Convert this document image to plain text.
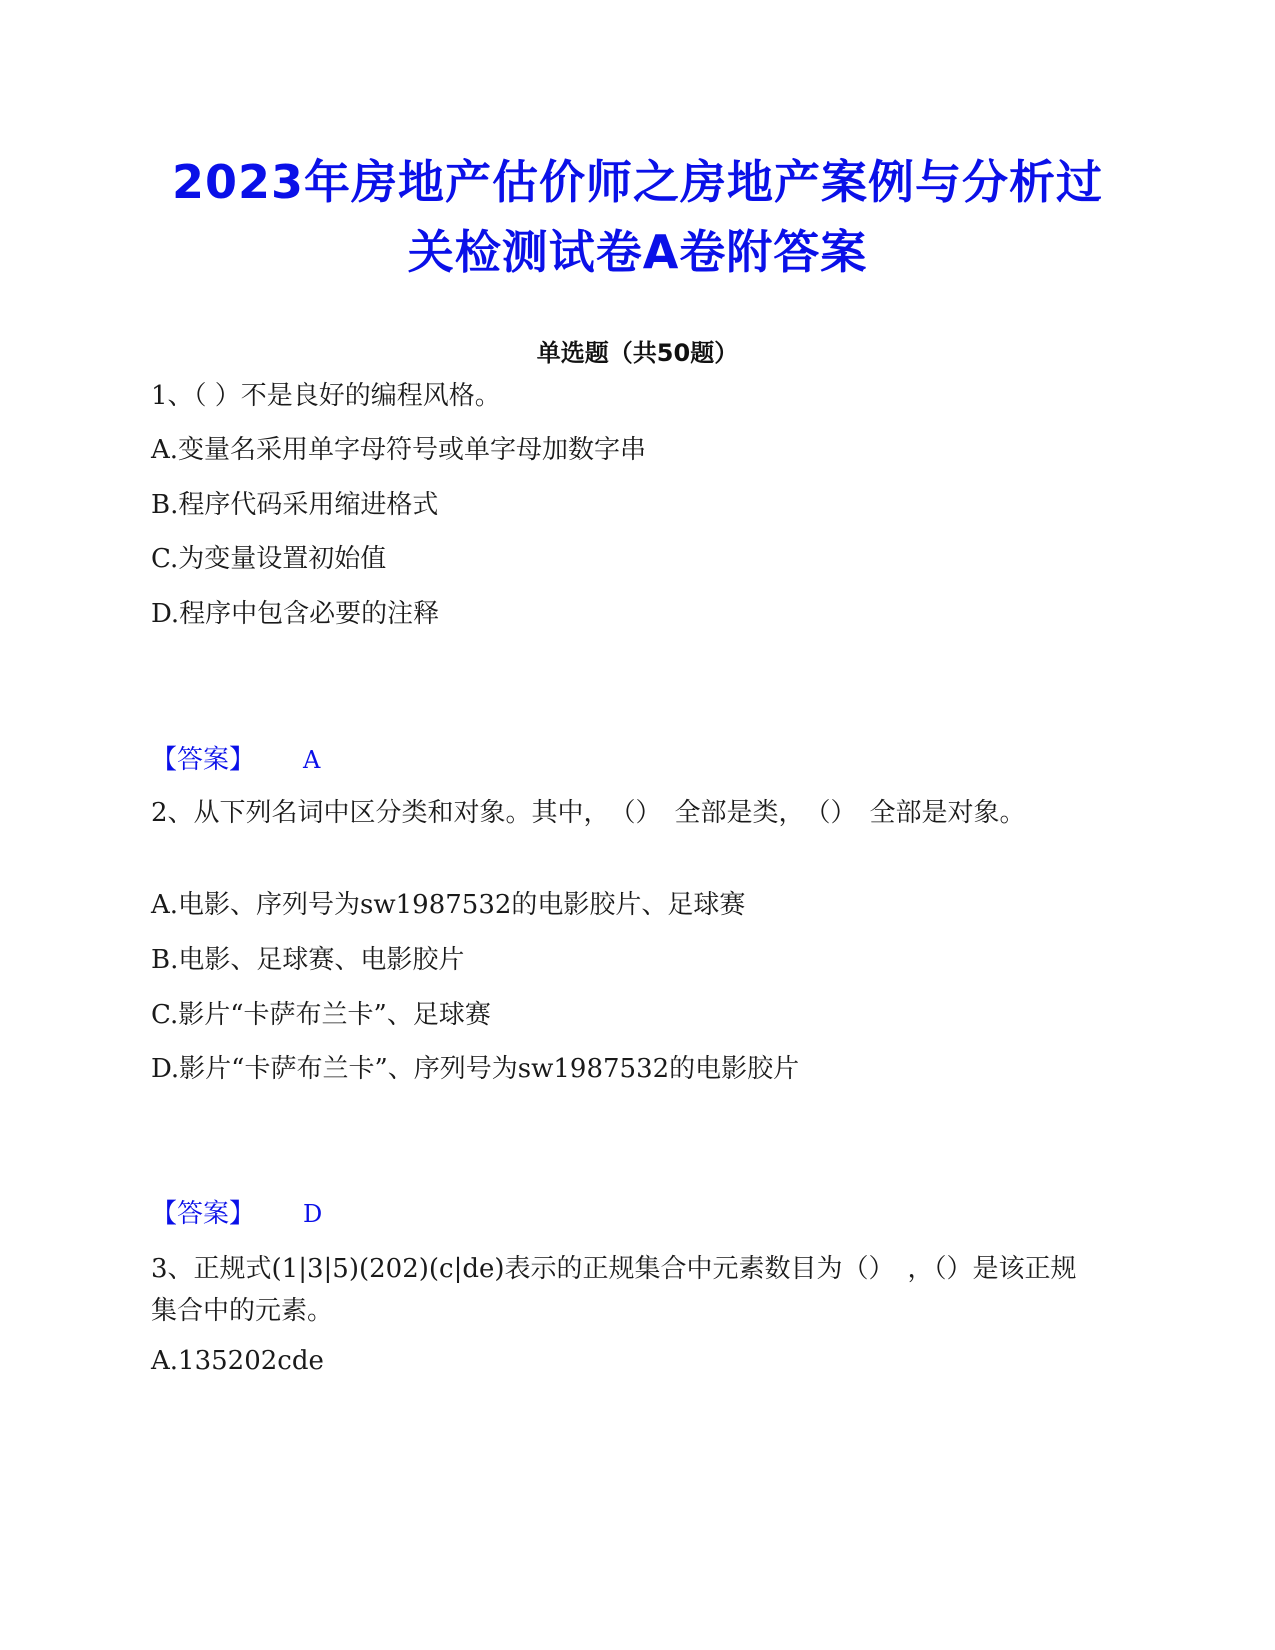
2023年房地产估价师之房地产案例与分析过
关检测试卷A卷附答案
单选题（共50题）
1、（ ）不是良好的编程风格。
A.变量名采用单字母符号或单字母加数字串
B.程序代码采用缩进格式
C.为变量设置初始值
D.程序中包含必要的注释
【答案】 A
2、从下列名词中区分类和对象。其中，　（）　全部是类，　（）　全部是对象。
A.电影、序列号为sw1987532的电影胶片、足球赛
B.电影、足球赛、电影胶片
C.影片“卡萨布兰卡”、足球赛
D.影片“卡萨布兰卡”、序列号为sw1987532的电影胶片
【答案】 D
3、正规式(1|3|5)(202)(c|de)表示的正规集合中元素数目为（）　，（）是该正规集合中的元素。
A.135202cde
